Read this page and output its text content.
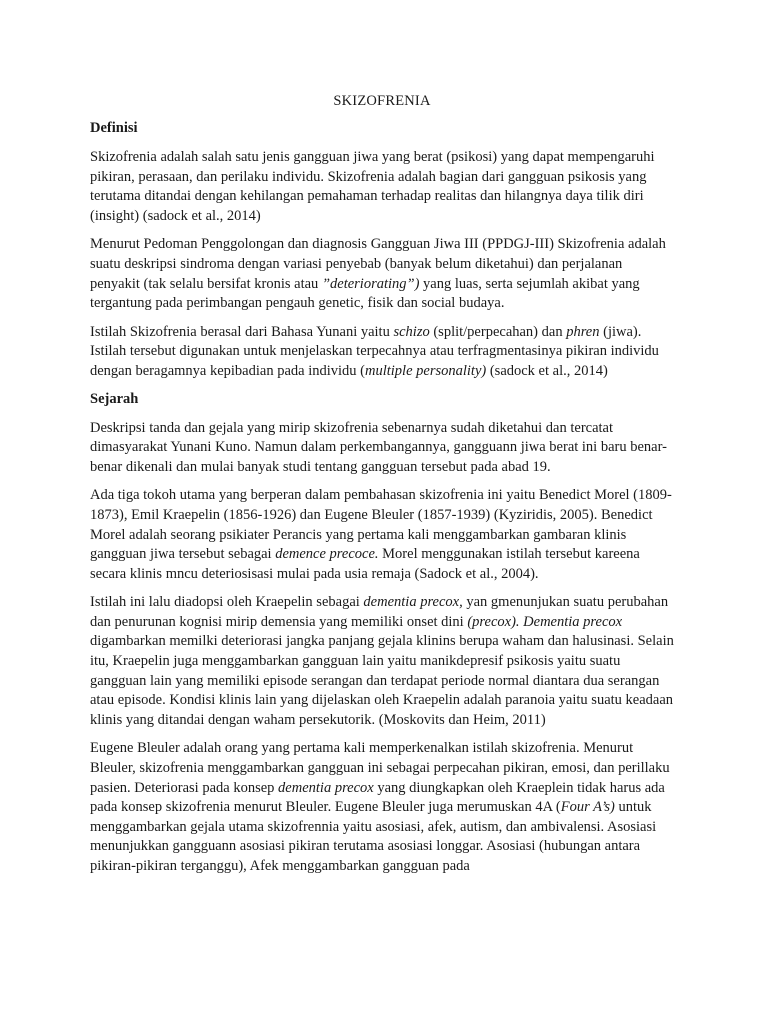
SKIZOFRENIA
Definisi
Skizofrenia adalah salah satu jenis gangguan jiwa yang berat (psikosi) yang dapat mempengaruhi pikiran, perasaan, dan perilaku individu. Skizofrenia adalah bagian dari gangguan psikosis yang terutama ditandai dengan kehilangan pemahaman terhadap realitas dan hilangnya daya tilik diri (insight) (sadock et al., 2014)
Menurut Pedoman Penggolongan dan diagnosis Gangguan Jiwa III (PPDGJ-III) Skizofrenia adalah suatu deskripsi sindroma dengan variasi penyebab (banyak belum diketahui) dan perjalanan penyakit (tak selalu bersifat kronis atau ”deteriorating”) yang luas, serta sejumlah akibat yang tergantung pada perimbangan pengauh genetic, fisik dan social budaya.
Istilah Skizofrenia berasal dari Bahasa Yunani yaitu schizo (split/perpecahan) dan phren (jiwa). Istilah tersebut digunakan untuk menjelaskan terpecahnya atau terfragmentasinya pikiran individu dengan beragamnya kepibadian pada individu (multiple personality) (sadock et al., 2014)
Sejarah
Deskripsi tanda dan gejala yang mirip skizofrenia sebenarnya sudah diketahui dan tercatat dimasyarakat Yunani Kuno. Namun dalam perkembangannya, gangguann jiwa berat ini baru benar-benar dikenali dan mulai banyak studi tentang gangguan tersebut pada abad 19.
Ada tiga tokoh utama yang berperan dalam pembahasan skizofrenia ini yaitu Benedict Morel (1809-1873), Emil Kraepelin (1856-1926) dan Eugene Bleuler (1857-1939) (Kyziridis, 2005). Benedict Morel adalah seorang psikiater Perancis yang pertama kali menggambarkan gambaran klinis gangguan jiwa tersebut sebagai demence precoce. Morel menggunakan istilah tersebut kareena secara klinis mncu deteriosisasi mulai pada usia remaja (Sadock et al., 2004).
Istilah ini lalu diadopsi oleh Kraepelin sebagai dementia precox, yan gmenunjukan suatu perubahan dan penurunan kognisi mirip demensia yang memiliki onset dini (precox). Dementia precox digambarkan memilki deteriorasi jangka panjang gejala klinins berupa waham dan halusinasi. Selain itu, Kraepelin juga menggambarkan gangguan lain yaitu manikdepresif psikosis yaitu suatu gangguan lain yang memiliki episode serangan dan terdapat periode normal diantara dua serangan atau episode. Kondisi klinis lain yang dijelaskan oleh Kraepelin adalah paranoia yaitu suatu keadaan klinis yang ditandai dengan waham persekutorik. (Moskovits dan Heim, 2011)
Eugene Bleuler adalah orang yang pertama kali memperkenalkan istilah skizofrenia. Menurut Bleuler, skizofrenia menggambarkan gangguan ini sebagai perpecahan pikiran, emosi, dan perillaku pasien. Deteriorasi pada konsep dementia precox yang diungkapkan oleh Kraeplein tidak harus ada pada konsep skizofrenia menurut Bleuler. Eugene Bleuler juga merumuskan 4A (Four A’s) untuk menggambarkan gejala utama skizofrennia yaitu asosiasi, afek, autism, dan ambivalensi. Asosiasi menunjukkan gangguann asosiasi pikiran terutama asosiasi longgar. Asosiasi (hubungan antara pikiran-pikiran terganggu), Afek menggambarkan gangguan pada
